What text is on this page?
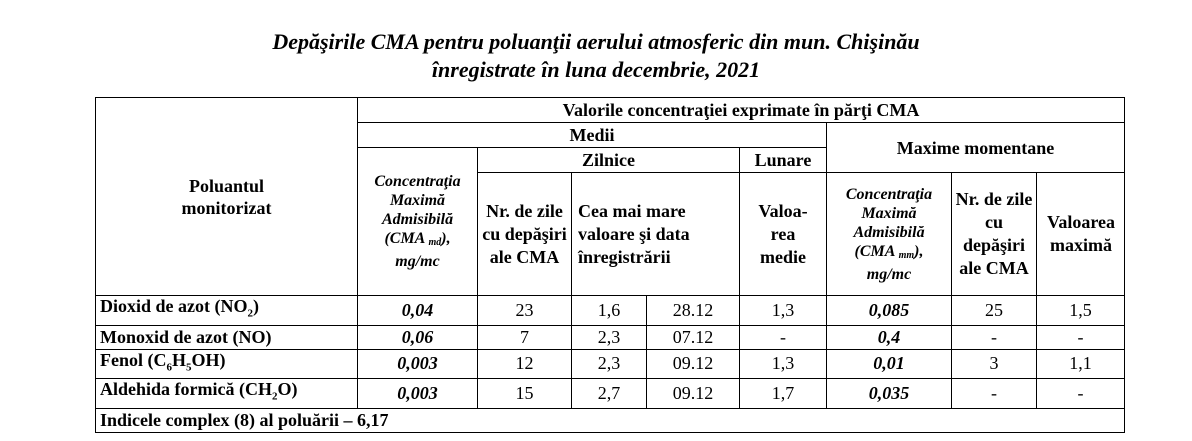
Depăşirile CMA pentru poluanţii aerului atmosferic din mun. Chişinău
înregistrate în luna decembrie, 2021
Poluantul monitorizat	Valorile concentraţiei exprimate în părţi CMA							
	Medii					Maxime momentane		

	Concentraţia Maximă Admisibilă (CMA $_{md}$), mg/mc	Zilnice			Lunare			

		Nr. de zile cu depăşiri ale CMA	Cea mai mare valoare şi data înregistrării		Valoa-rea medie	Concentraţia Maximă Admisibilă (CMA $_{mm}$), mg/mc	Nr. de zile cu depăşiri ale CMA	Valoarea maximă

Dioxid de azot $(NO_2)$	0,04	23	1,6	28.12	1,3	0,085	25	1,5
Monoxid de azot (NO)	0,06	7	2,3	07.12	-	0,4	-	-
Fenol $(C_6H_5OH)$	0,003	12	2,3	09.12	1,3	0,01	3	1,1
Aldehida formică $(CH_2O)$	0,003	15	2,7	09.12	1,7	0,035	-	-
Indicele complex (8) al poluării – 6,17								
